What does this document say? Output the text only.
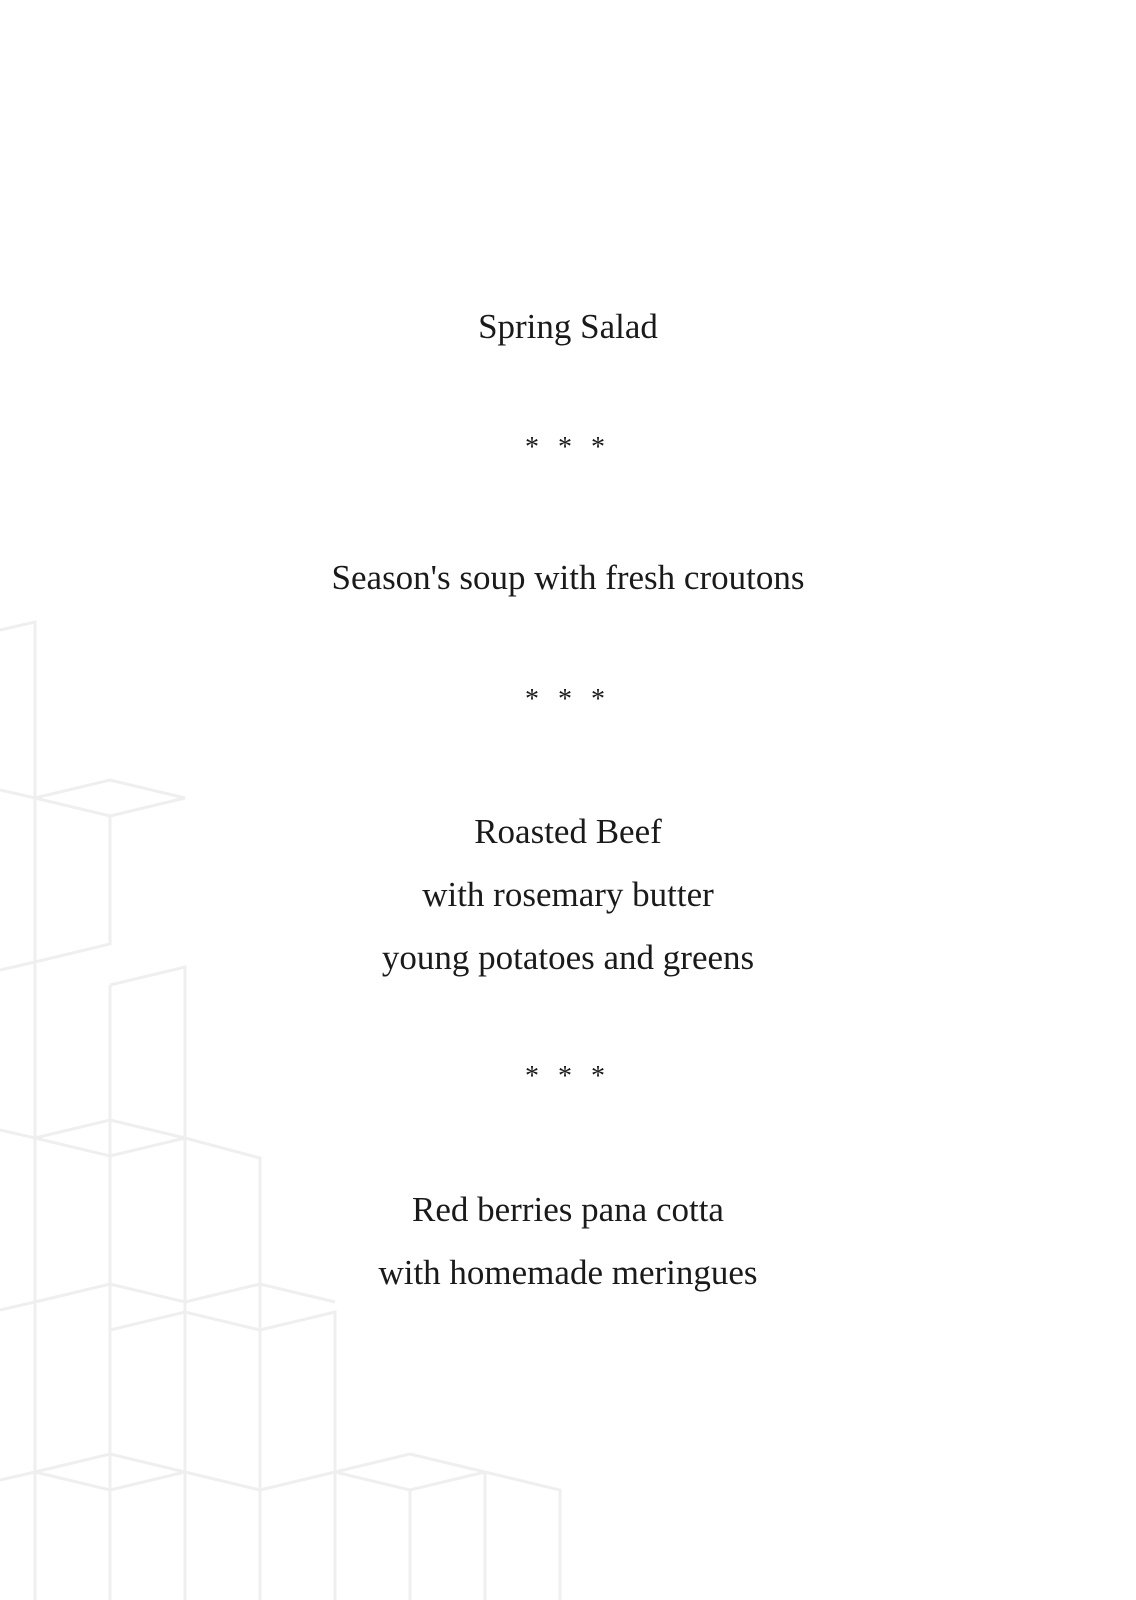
Spring Salad
* * *
Season's soup with fresh croutons
* * *
Roasted Beef
with rosemary butter
young potatoes and greens
* * *
Red berries pana cotta
with homemade meringues
